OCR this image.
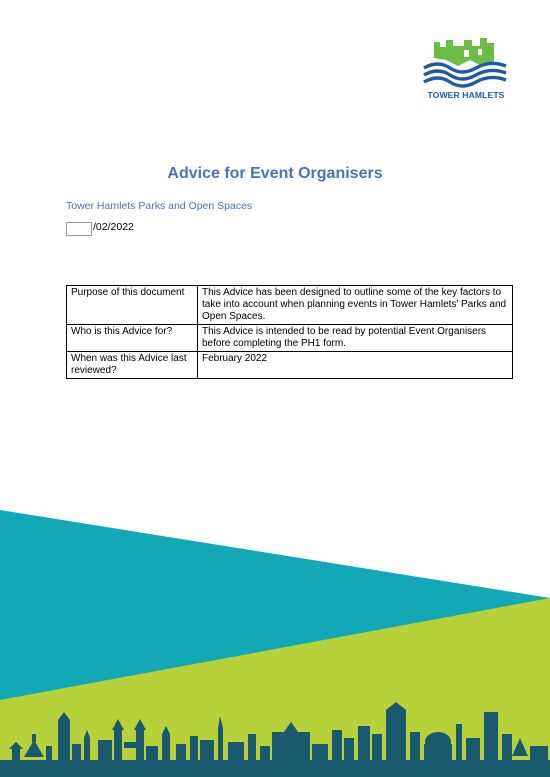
TOWER HAMLETS
Advice for Event Organisers
Tower Hamlets Parks and Open Spaces
/02/2022
Purpose of this document	This Advice has been designed to outline some of the key factors to take into account when planning events in Tower Hamlets’ Parks and Open Spaces.
Who is this Advice for?	This Advice is intended to be read by potential Event Organisers before completing the PH1 form.
When was this Advice last reviewed?	February 2022
